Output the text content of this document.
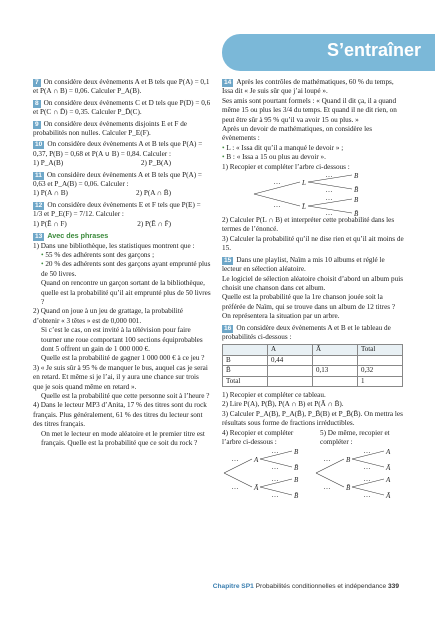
S’entraîner
7 On considère deux évènements A et B tels que P(A) = 0,1 et P(A ∩ B) = 0,06. Calculer P_A(B).
8 On considère deux évènements C et D tels que P(D) = 0,6 et P(C ∩ D̄) = 0,35. Calculer P_D̄(C).
9 On considère deux évènements disjoints E et F de probabilités non nulles. Calculer P_E(F).
10 On considère deux évènements A et B tels que P(A) = 0,37, P(B) = 0,68 et P(A ∪ B) = 0,84. Calculer :
1) P_A(B)	2) P_B(A)
11 On considère deux évènements A et B tels que P(A) = 0,63 et P_A(B) = 0,06. Calculer :
1) P(A ∩ B)	2) P(A ∩ B̄)
12 On considère deux évènements E et F tels que P(E) = 1/3 et P_E(F) = 7/12. Calculer :
1) P(Ē ∩ F)	2) P(Ē ∩ F̄)
13 Avec des phrases
1) Dans une bibliothèque, les statistiques montrent que :
• 55 % des adhérents sont des garçons ;
• 20 % des adhérents sont des garçons ayant emprunté plus de 50 livres.
Quand on rencontre un garçon sortant de la bibliothèque, quelle est la probabilité qu’il ait emprunté plus de 50 livres ?
2) Quand on joue à un jeu de grattage, la probabilité d’obtenir « 3 têtes » est de 0,000 001.
Si c’est le cas, on est invité à la télévision pour faire tourner une roue comportant 100 sections équiprobables dont 5 offrent un gain de 1 000 000 €.
Quelle est la probabilité de gagner 1 000 000 € à ce jeu ?
3) « Je suis sûr à 95 % de manquer le bus, auquel cas je serai en retard. Et même si je l’ai, il y aura une chance sur trois que je sois quand même en retard ».
Quelle est la probabilité que cette personne soit à l’heure ?
4) Dans le lecteur MP3 d’Anita, 17 % des titres sont du rock français. Plus généralement, 61 % des titres du lecteur sont des titres français.
On met le lecteur en mode aléatoire et le premier titre est français. Quelle est la probabilité que ce soit du rock ?
14 Après les contrôles de mathématiques, 60 % du temps, Issa dit « Je suis sûr que j’ai loupé ».
Ses amis sont pourtant formels : « Quand il dit ça, il a quand même 15 ou plus les 3/4 du temps. Et quand il ne dit rien, on peut être sûr à 95 % qu’il va avoir 15 ou plus. »
Après un devoir de mathématiques, on considère les évènements :
• L : « Issa dit qu’il a manqué le devoir » ;
• B : « Issa a 15 ou plus au devoir ».
1) Recopier et compléter l’arbre ci-dessous :
L
L̄
B
B̄
B
B̄
…
…
…
…
…
…
2) Calculer P(L ∩ B) et interpréter cette probabilité dans les termes de l’énoncé.
3) Calculer la probabilité qu’il ne dise rien et qu’il ait moins de 15.
15 Dans une playlist, Naïm a mis 10 albums et réglé le lecteur en sélection aléatoire.
Le logiciel de sélection aléatoire choisit d’abord un album puis choisit une chanson dans cet album.
Quelle est la probabilité que la 1re chanson jouée soit la préférée de Naïm, qui se trouve dans un album de 12 titres ? On représentera la situation par un arbre.
16 On considère deux évènements A et B et le tableau de probabilités ci-dessous :
	A	Ā	Total
B	0,44		
B̄		0,13	0,32
Total			1
1) Recopier et compléter ce tableau.
2) Lire P(A), P(B̄), P(A ∩ B) et P(Ā ∩ B̄).
3) Calculer P_A(B), P_A(B̄), P_B̄(B) et P_B̄(B̄). On mettra les résultats sous forme de fractions irréductibles.
4) Recopier et compléter l’arbre ci-dessous :
5) De même, recopier et compléter :
A
Ā
B
B̄
B
B̄
…
…
…
…
…
…
B
B̄
A
Ā
A
Ā
…
…
…
…
…
…
Chapitre SP1 Probabilités conditionnelles et indépendance 339
